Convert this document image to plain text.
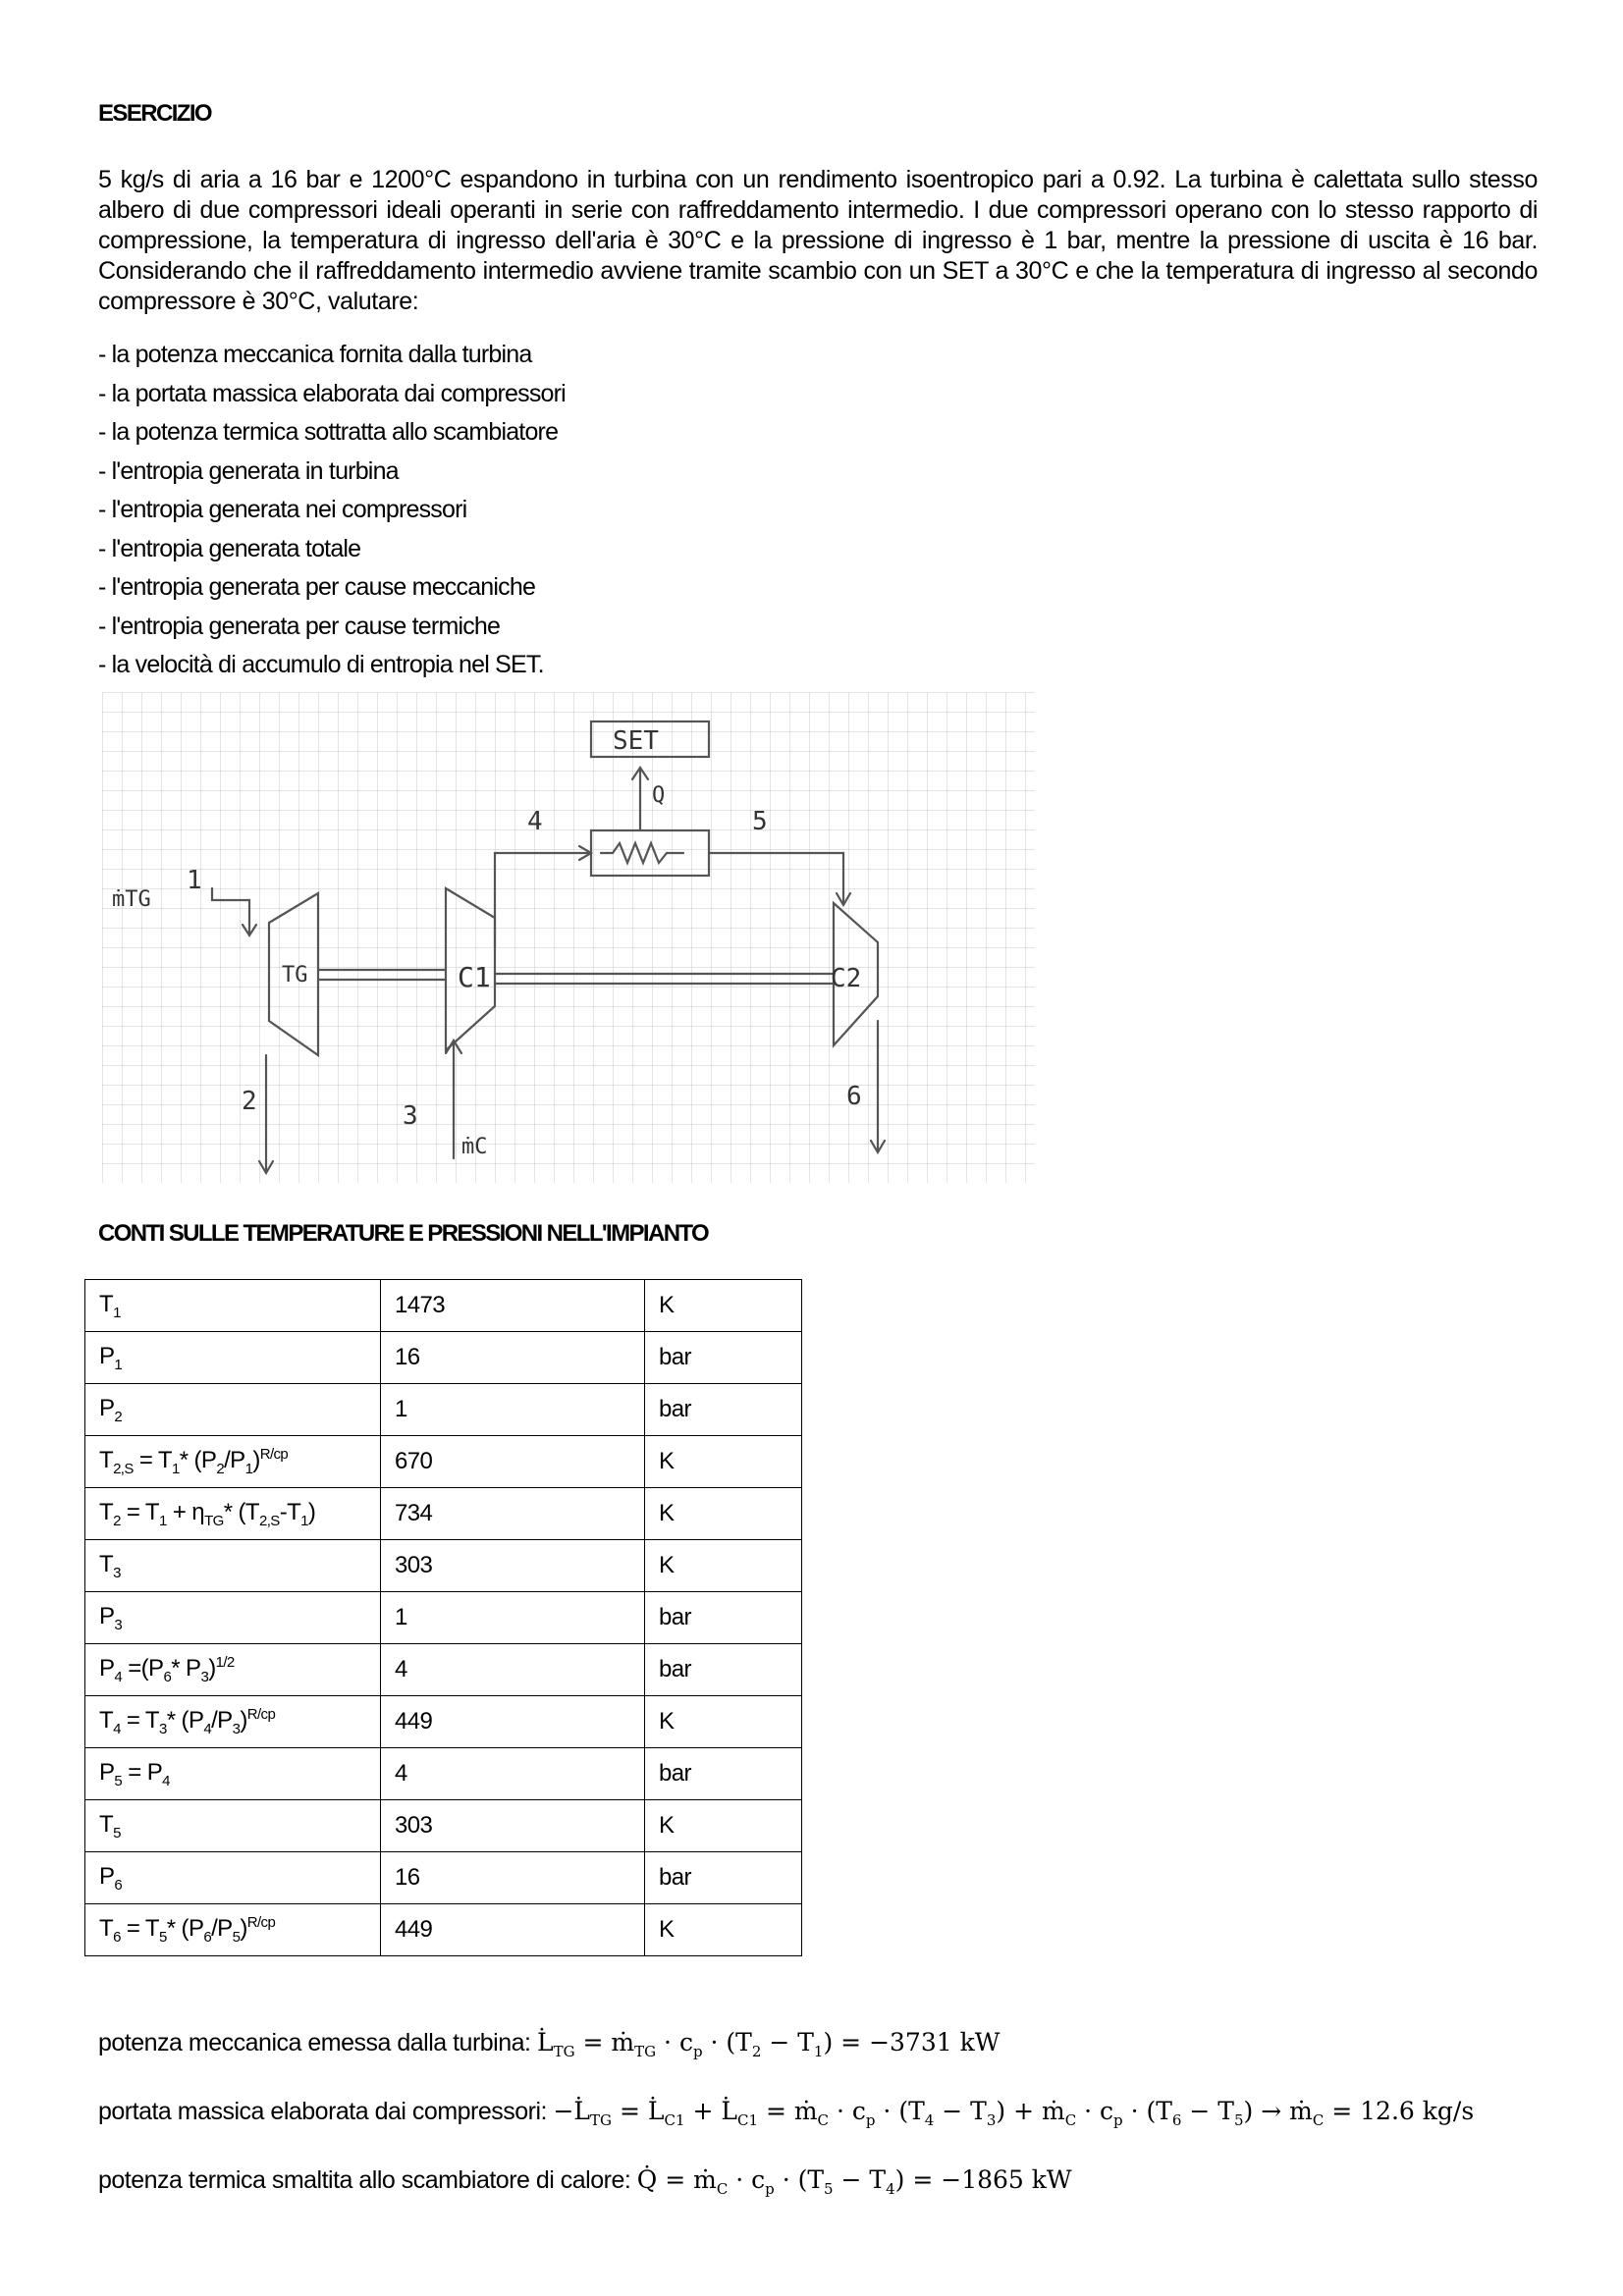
ESERCIZIO

5 kg/s di aria a 16 bar e 1200°C espandono in turbina con un rendimento isoentropico pari a 0.92. La turbina è calettata sullo stesso albero di due compressori ideali operanti in serie con raffreddamento intermedio. I due compressori operano con lo stesso rapporto di compressione, la temperatura di ingresso dell'aria è 30°C e la pressione di ingresso è 1 bar, mentre la pressione di uscita è 16 bar. Considerando che il raffreddamento intermedio avviene tramite scambio con un SET a 30°C e che la temperatura di ingresso al secondo compressore è 30°C, valutare:

- la potenza meccanica fornita dalla turbina
- la portata massica elaborata dai compressori
- la potenza termica sottratta allo scambiatore
- l'entropia generata in turbina
- l'entropia generata nei compressori
- l'entropia generata totale
- l'entropia generata per cause meccaniche
- l'entropia generata per cause termiche
- la velocità di accumulo di entropia nel SET.
SET
Q
TG	C1	C2
ṁTG
ṁC
1
2	3
4	5
6
CONTI SULLE TEMPERATURE E PRESSIONI NELL'IMPIANTO
$T_1$	1473	K
$P_1$	16	bar
$P_2$	1	bar
$T_{2,S} = T_1*$ $(P_2/P_1)^{R/cp}$	670	K
$T_2 = T_1 + \eta_{TG}*$ $(T_{2,S}-T_1)$	734	K
$T_3$	303	K
$P_3$	1	bar
$P_4 =(P_6*$ $P_3)^{1/2}$	4	bar
$T_4 = T_3*$ $(P_4/P_3)^{R/cp}$	449	K
$P_5 = P_4$	4	bar
$T_5$	303	K
$P_6$	16	bar
$T_6 = T_5*$ $(P_6/P_5)^{R/cp}$	449	K
potenza meccanica emessa dalla turbina: $L̇_{TG}$ = ṁ$_{TG}$ · $c_p \cdot (T_2 - T_1) = -3731$ kW
portata massica elaborata dai compressori: $-L̇_{TG}$ = $L̇_{C1}$ + $L̇_{C1}$ = ṁ$_C$ · $c_p \cdot (T_4 - T_3)$ + ṁ$_C$ · $c_p \cdot (T_6 - T_5)$ → ṁ$_C$ = 12.6 kg/s
potenza termica smaltita allo scambiatore di calore: Q̇ = ṁ$_C$ · $c_p \cdot (T_5 - T_4) = -1865$ kW
